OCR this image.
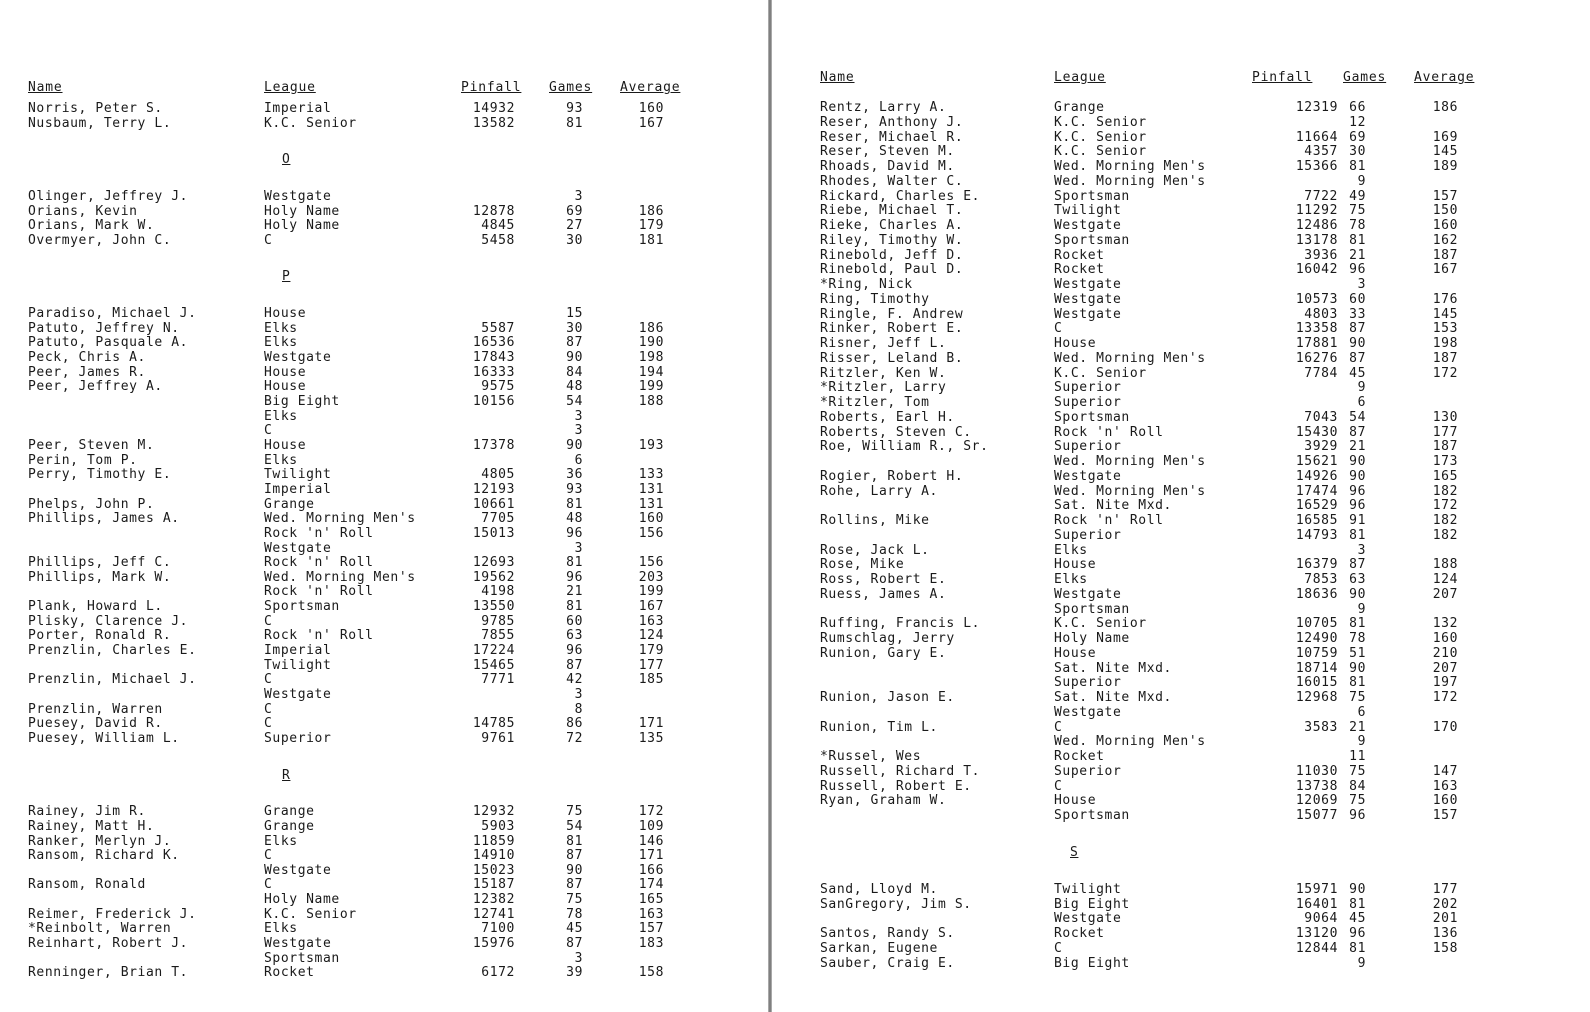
Name	League	Pinfall Games Average
Norris, Peter S.	Imperial	14932	93	160
Nusbaum, Terry L.	K.C. Senior	13582	81	167
O
Olinger, Jeffrey J.	Westgate	3
Orians, Kevin	Holy Name	12878	69	186
Orians, Mark W.	Holy Name	4845	27	179
Overmyer, John C.	C	5458	30	181
P
Paradiso, Michael J.	House	15
Patuto, Jeffrey N.	Elks	5587	30	186
Patuto, Pasquale A.	Elks	16536	87	190
Peck, Chris A.	Westgate	17843	90	198
Peer, James R.	House	16333	84	194
Peer, Jeffrey A.	House	9575	48	199
Big Eight	10156	54	188
Elks	3
C	3
Peer, Steven M.	House	17378	90	193
Perin, Tom P.	Elks	6
Perry, Timothy E.	Twilight	4805	36	133
Imperial	12193	93	131
Phelps, John P.	Grange	10661	81	131
Phillips, James A.	Wed. Morning Men's	7705	48	160
Rock 'n' Roll	15013	96	156
Westgate	3
Phillips, Jeff C.	Rock 'n' Roll	12693	81	156
Phillips, Mark W.	Wed. Morning Men's	19562	96	203
Rock 'n' Roll	4198	21	199
Plank, Howard L.	Sportsman	13550	81	167
Plisky, Clarence J.	C	9785	60	163
Porter, Ronald R.	Rock 'n' Roll	7855	63	124
Prenzlin, Charles E.	Imperial	17224	96	179
Twilight	15465	87	177
Prenzlin, Michael J.	C	7771	42	185
Westgate	3
Prenzlin, Warren	C	8
Puesey, David R.	C	14785	86	171
Puesey, William L.	Superior	9761	72	135
R
Rainey, Jim R.	Grange	12932	75	172
Rainey, Matt H.	Grange	5903	54	109
Ranker, Merlyn J.	Elks	11859	81	146
Ransom, Richard K.	C	14910	87	171
Westgate	15023	90	166
Ransom, Ronald	C	15187	87	174
Holy Name	12382	75	165
Reimer, Frederick J.	K.C. Senior	12741	78	163
*Reinbolt, Warren	Elks	7100	45	157
Reinhart, Robert J.	Westgate	15976	87	183
Sportsman	3
Renninger, Brian T.	Rocket	6172	39	158
Name	League	Pinfall Games Average
Rentz, Larry A.	Grange	12319 66	186
Reser, Anthony J.	K.C. Senior	12
Reser, Michael R.	K.C. Senior	11664 69	169
Reser, Steven M.	K.C. Senior	4357 30	145
Rhoads, David M.	Wed. Morning Men's	15366 81	189
Rhodes, Walter C.	Wed. Morning Men's	9
Rickard, Charles E.	Sportsman	7722 49	157
Riebe, Michael T.	Twilight	11292 75	150
Rieke, Charles A.	Westgate	12486 78	160
Riley, Timothy W.	Sportsman	13178 81	162
Rinebold, Jeff D.	Rocket	3936 21	187
Rinebold, Paul D.	Rocket	16042 96	167
*Ring, Nick	Westgate	3
Ring, Timothy	Westgate	10573 60	176
Ringle, F. Andrew	Westgate	4803 33	145
Rinker, Robert E.	C	13358 87	153
Risner, Jeff L.	House	17881 90	198
Risser, Leland B.	Wed. Morning Men's	16276 87	187
Ritzler, Ken W.	K.C. Senior	7784 45	172
*Ritzler, Larry	Superior	9
*Ritzler, Tom	Superior	6
Roberts, Earl H.	Sportsman	7043 54	130
Roberts, Steven C.	Rock 'n' Roll	15430 87	177
Roe, William R., Sr.	Superior	3929 21	187
Wed. Morning Men's	15621 90	173
Rogier, Robert H.	Westgate	14926 90	165
Rohe, Larry A.	Wed. Morning Men's	17474 96	182
Sat. Nite Mxd.	16529 96	172
Rollins, Mike	Rock 'n' Roll	16585 91	182
Superior	14793 81	182
Rose, Jack L.	Elks	3
Rose, Mike	House	16379 87	188
Ross, Robert E.	Elks	7853 63	124
Ruess, James A.	Westgate	18636 90	207
Sportsman	9
Ruffing, Francis L.	K.C. Senior	10705 81	132
Rumschlag, Jerry	Holy Name	12490 78	160
Runion, Gary E.	House	10759 51	210
Sat. Nite Mxd.	18714 90	207
Superior	16015 81	197
Runion, Jason E.	Sat. Nite Mxd.	12968 75	172
Westgate	6
Runion, Tim L.	C	3583 21	170
Wed. Morning Men's	9
*Russel, Wes	Rocket	11
Russell, Richard T.	Superior	11030 75	147
Russell, Robert E.	C	13738 84	163
Ryan, Graham W.	House	12069 75	160
Sportsman	15077 96	157
S
Sand, Lloyd M.	Twilight	15971 90	177
SanGregory, Jim S.	Big Eight	16401 81	202
Westgate	9064 45	201
Santos, Randy S.	Rocket	13120 96	136
Sarkan, Eugene	C	12844 81	158
Sauber, Craig E.	Big Eight	9
